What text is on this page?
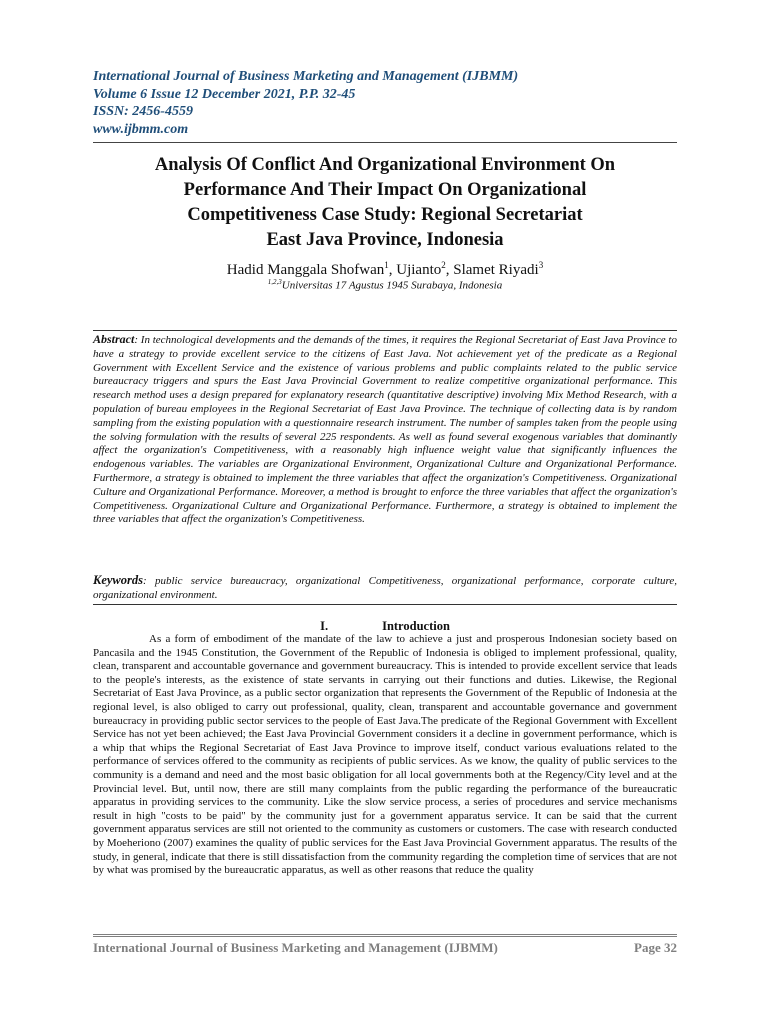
International Journal of Business Marketing and Management (IJBMM)
Volume 6 Issue 12 December 2021, P.P. 32-45
ISSN: 2456-4559
www.ijbmm.com
Analysis Of Conflict And Organizational Environment On
Performance And Their Impact On Organizational
Competitiveness Case Study: Regional Secretariat
East Java Province, Indonesia
Hadid Manggala Shofwan$^1$, Ujianto$^2$, Slamet Riyadi$^3$
$^{1,2,3}$Universitas 17 Agustus 1945 Surabaya, Indonesia
Abstract: In technological developments and the demands of the times, it requires the Regional Secretariat of East Java Province to have a strategy to provide excellent service to the citizens of East Java. Not achievement yet of the predicate as a Regional Government with Excellent Service and the existence of various problems and public complaints related to the public service bureaucracy triggers and spurs the East Java Provincial Government to realize competitive organizational performance. This research method uses a design prepared for explanatory research (quantitative descriptive) involving Mix Method Research, with a population of bureau employees in the Regional Secretariat of East Java Province. The technique of collecting data is by random sampling from the existing population with a questionnaire research instrument. The number of samples taken from the people using the solving formulation with the results of several 225 respondents. As well as found several exogenous variables that dominantly affect the organization's Competitiveness, with a reasonably high influence weight value that significantly influences the endogenous variables. The variables are Organizational Environment, Organizational Culture and Organizational Performance. Furthermore, a strategy is obtained to implement the three variables that affect the organization's Competitiveness. Organizational Culture and Organizational Performance. Moreover, a method is brought to enforce the three variables that affect the organization's Competitiveness. Organizational Culture and Organizational Performance. Furthermore, a strategy is obtained to implement the three variables that affect the organization's Competitiveness.
Keywords: public service bureaucracy, organizational Competitiveness, organizational performance, corporate culture, organizational environment.
I.	Introduction
As a form of embodiment of the mandate of the law to achieve a just and prosperous Indonesian society based on Pancasila and the 1945 Constitution, the Government of the Republic of Indonesia is obliged to implement professional, quality, clean, transparent and accountable governance and government bureaucracy. This is intended to provide excellent service that leads to the people's interests, as the existence of state servants in carrying out their functions and duties. Likewise, the Regional Secretariat of East Java Province, as a public sector organization that represents the Government of the Republic of Indonesia at the regional level, is also obliged to carry out professional, quality, clean, transparent and accountable governance and government bureaucracy in providing public sector services to the people of East Java.The predicate of the Regional Government with Excellent Service has not yet been achieved; the East Java Provincial Government considers it a decline in government performance, which is a whip that whips the Regional Secretariat of East Java Province to improve itself, conduct various evaluations related to the performance of services offered to the community as recipients of public services. As we know, the quality of public services to the community is a demand and need and the most basic obligation for all local governments both at the Regency/City level and at the Provincial level. But, until now, there are still many complaints from the public regarding the performance of the bureaucratic apparatus in providing services to the community. Like the slow service process, a series of procedures and service mechanisms result in high "costs to be paid" by the community just for a government apparatus service. It can be said that the current government apparatus services are still not oriented to the community as customers or customers. The case with research conducted by Moeheriono (2007) examines the quality of public services for the East Java Provincial Government apparatus. The results of the study, in general, indicate that there is still dissatisfaction from the community regarding the completion time of services that are not by what was promised by the bureaucratic apparatus, as well as other reasons that reduce the quality
International Journal of Business Marketing and Management (IJBMM)	Page 32
